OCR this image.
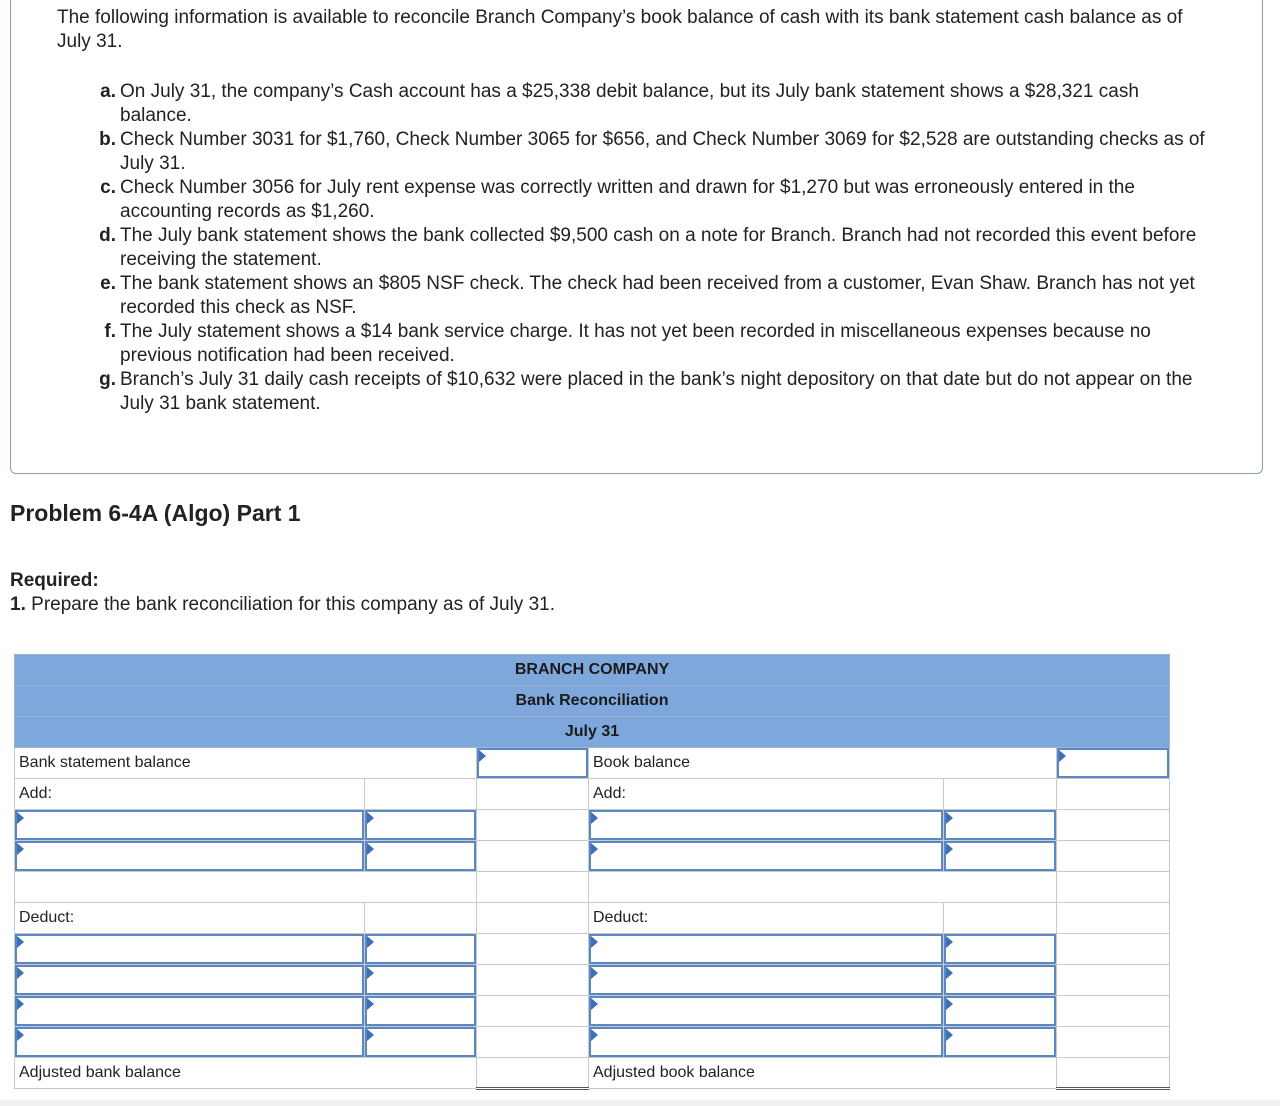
The following information is available to reconcile Branch Company’s book balance of cash with its bank statement cash balance as of July 31.
a. On July 31, the company’s Cash account has a $25,338 debit balance, but its July bank statement shows a $28,321 cash balance.
b. Check Number 3031 for $1,760, Check Number 3065 for $656, and Check Number 3069 for $2,528 are outstanding checks as of July 31.
c. Check Number 3056 for July rent expense was correctly written and drawn for $1,270 but was erroneously entered in the accounting records as $1,260.
d. The July bank statement shows the bank collected $9,500 cash on a note for Branch. Branch had not recorded this event before receiving the statement.
e. The bank statement shows an $805 NSF check. The check had been received from a customer, Evan Shaw. Branch has not yet recorded this check as NSF.
f. The July statement shows a $14 bank service charge. It has not yet been recorded in miscellaneous expenses because no previous notification had been received.
g. Branch’s July 31 daily cash receipts of $10,632 were placed in the bank’s night depository on that date but do not appear on the July 31 bank statement.
Problem 6-4A (Algo) Part 1
Required:
1. Prepare the bank reconciliation for this company as of July 31.
BRANCH COMPANY					
Bank Reconciliation					
July 31					
Bank statement balance			Book balance		

Add:			Add:		

Deduct:			Deduct:		

Adjusted bank balance			Adjusted book balance		
